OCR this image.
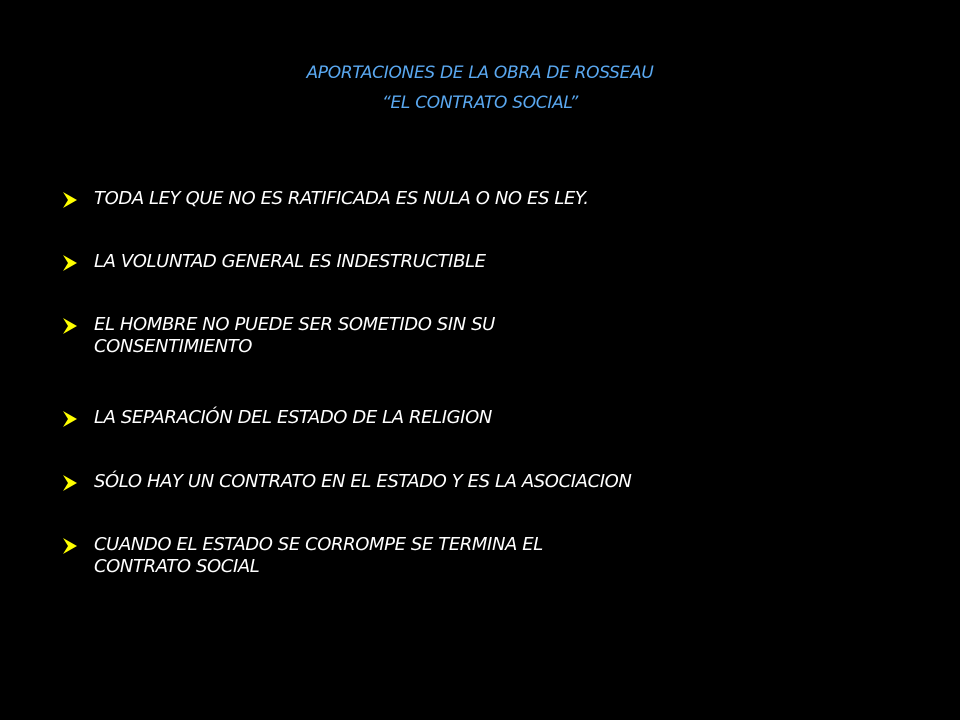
APORTACIONES DE LA OBRA DE ROSSEAU
“EL CONTRATO SOCIAL”
TODA LEY QUE NO ES RATIFICADA ES NULA O NO ES LEY.
LA VOLUNTAD GENERAL ES INDESTRUCTIBLE
EL HOMBRE NO PUEDE SER SOMETIDO SIN SU
CONSENTIMIENTO
LA SEPARACIÓN DEL ESTADO DE LA RELIGION
SÓLO HAY UN CONTRATO EN EL ESTADO Y ES LA ASOCIACION
CUANDO EL ESTADO SE CORROMPE SE TERMINA EL
CONTRATO SOCIAL
